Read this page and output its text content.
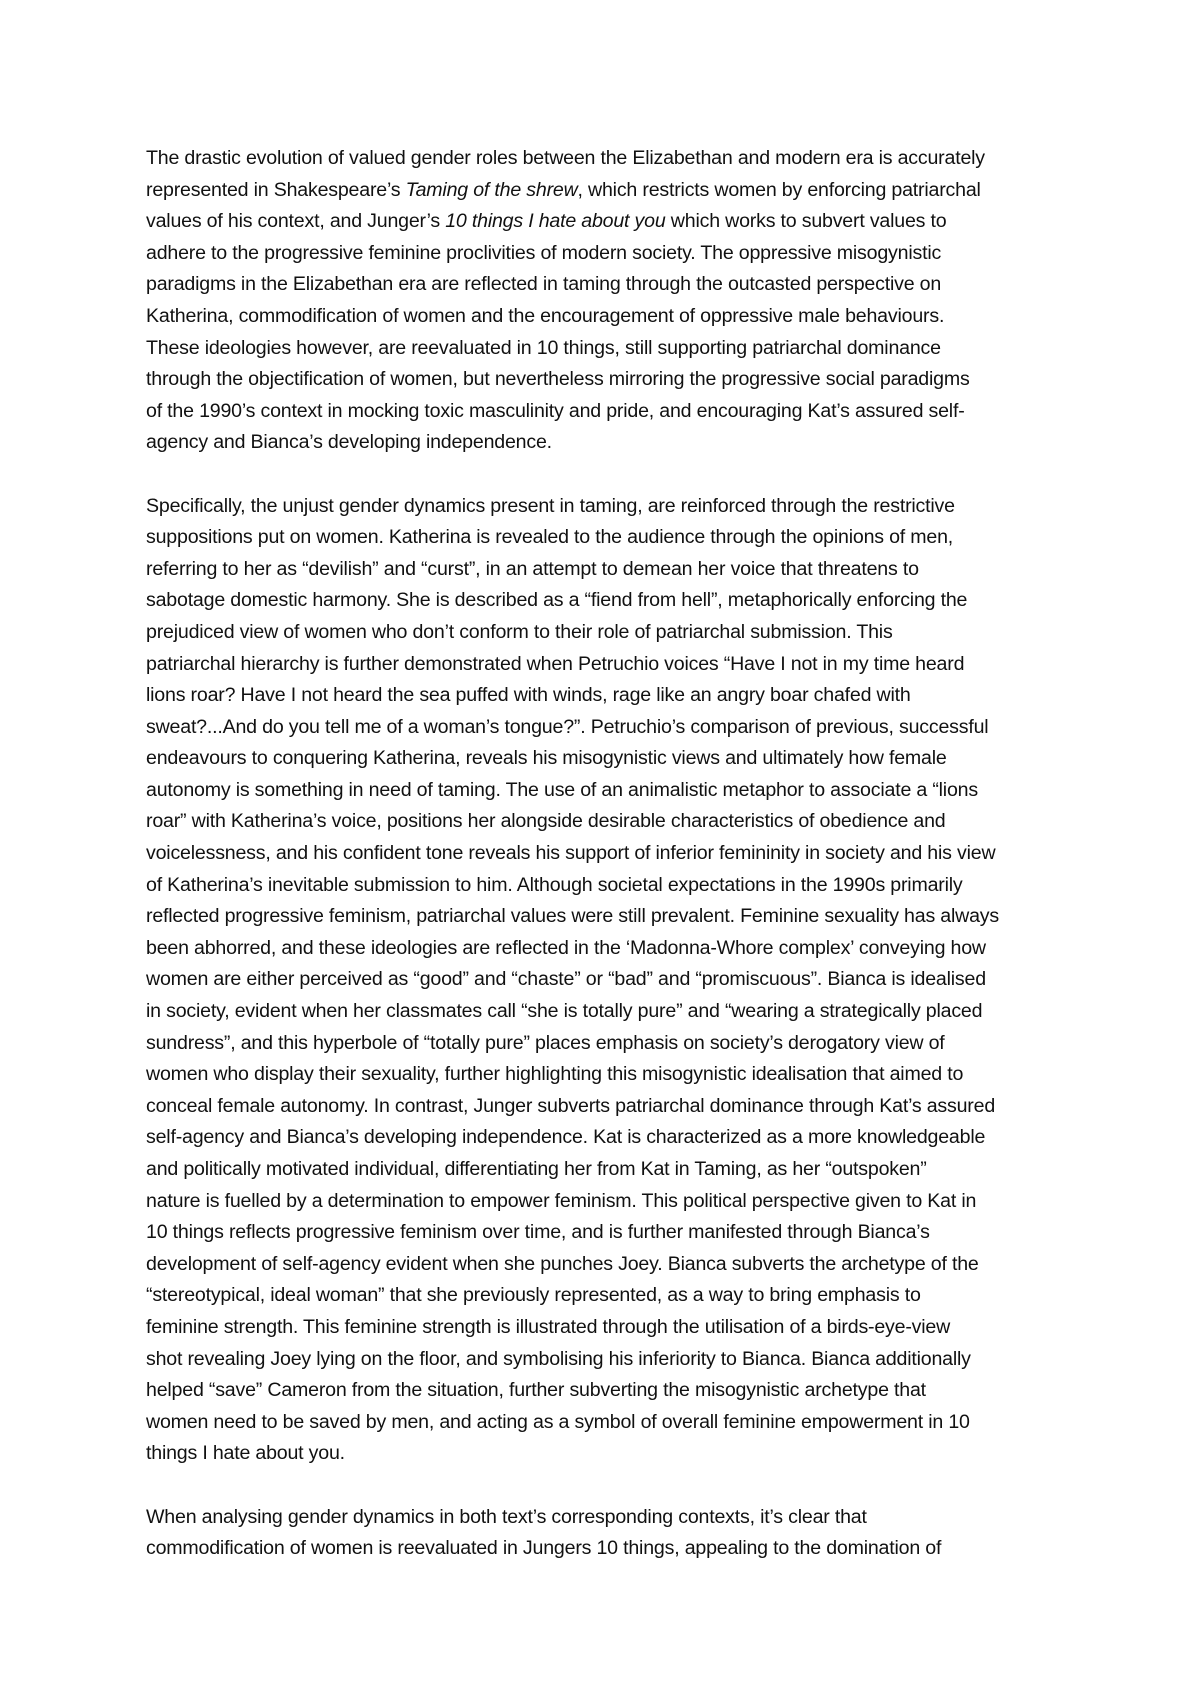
The drastic evolution of valued gender roles between the Elizabethan and modern era is accurately
represented in Shakespeare’s Taming of the shrew, which restricts women by enforcing patriarchal
values of his context, and Junger’s 10 things I hate about you which works to subvert values to
adhere to the progressive feminine proclivities of modern society. The oppressive misogynistic
paradigms in the Elizabethan era are reflected in taming through the outcasted perspective on
Katherina, commodification of women and the encouragement of oppressive male behaviours.
These ideologies however, are reevaluated in 10 things, still supporting patriarchal dominance
through the objectification of women, but nevertheless mirroring the progressive social paradigms
of the 1990’s context in mocking toxic masculinity and pride, and encouraging Kat’s assured self-
agency and Bianca’s developing independence.

Specifically, the unjust gender dynamics present in taming, are reinforced through the restrictive
suppositions put on women. Katherina is revealed to the audience through the opinions of men,
referring to her as “devilish” and “curst”, in an attempt to demean her voice that threatens to
sabotage domestic harmony. She is described as a “fiend from hell”, metaphorically enforcing the
prejudiced view of women who don’t conform to their role of patriarchal submission. This
patriarchal hierarchy is further demonstrated when Petruchio voices “Have I not in my time heard
lions roar? Have I not heard the sea puffed with winds, rage like an angry boar chafed with
sweat?...And do you tell me of a woman’s tongue?”. Petruchio’s comparison of previous, successful
endeavours to conquering Katherina, reveals his misogynistic views and ultimately how female
autonomy is something in need of taming. The use of an animalistic metaphor to associate a “lions
roar” with Katherina’s voice, positions her alongside desirable characteristics of obedience and
voicelessness, and his confident tone reveals his support of inferior femininity in society and his view
of Katherina’s inevitable submission to him. Although societal expectations in the 1990s primarily
reflected progressive feminism, patriarchal values were still prevalent. Feminine sexuality has always
been abhorred, and these ideologies are reflected in the ‘Madonna-Whore complex’ conveying how
women are either perceived as “good” and “chaste” or “bad” and “promiscuous”. Bianca is idealised
in society, evident when her classmates call “she is totally pure” and “wearing a strategically placed
sundress”, and this hyperbole of “totally pure” places emphasis on society’s derogatory view of
women who display their sexuality, further highlighting this misogynistic idealisation that aimed to
conceal female autonomy. In contrast, Junger subverts patriarchal dominance through Kat’s assured
self-agency and Bianca’s developing independence. Kat is characterized as a more knowledgeable
and politically motivated individual, differentiating her from Kat in Taming, as her “outspoken”
nature is fuelled by a determination to empower feminism. This political perspective given to Kat in
10 things reflects progressive feminism over time, and is further manifested through Bianca’s
development of self-agency evident when she punches Joey. Bianca subverts the archetype of the
“stereotypical, ideal woman” that she previously represented, as a way to bring emphasis to
feminine strength. This feminine strength is illustrated through the utilisation of a birds-eye-view
shot revealing Joey lying on the floor, and symbolising his inferiority to Bianca. Bianca additionally
helped “save” Cameron from the situation, further subverting the misogynistic archetype that
women need to be saved by men, and acting as a symbol of overall feminine empowerment in 10
things I hate about you.

When analysing gender dynamics in both text’s corresponding contexts, it’s clear that
commodification of women is reevaluated in Jungers 10 things, appealing to the domination of
